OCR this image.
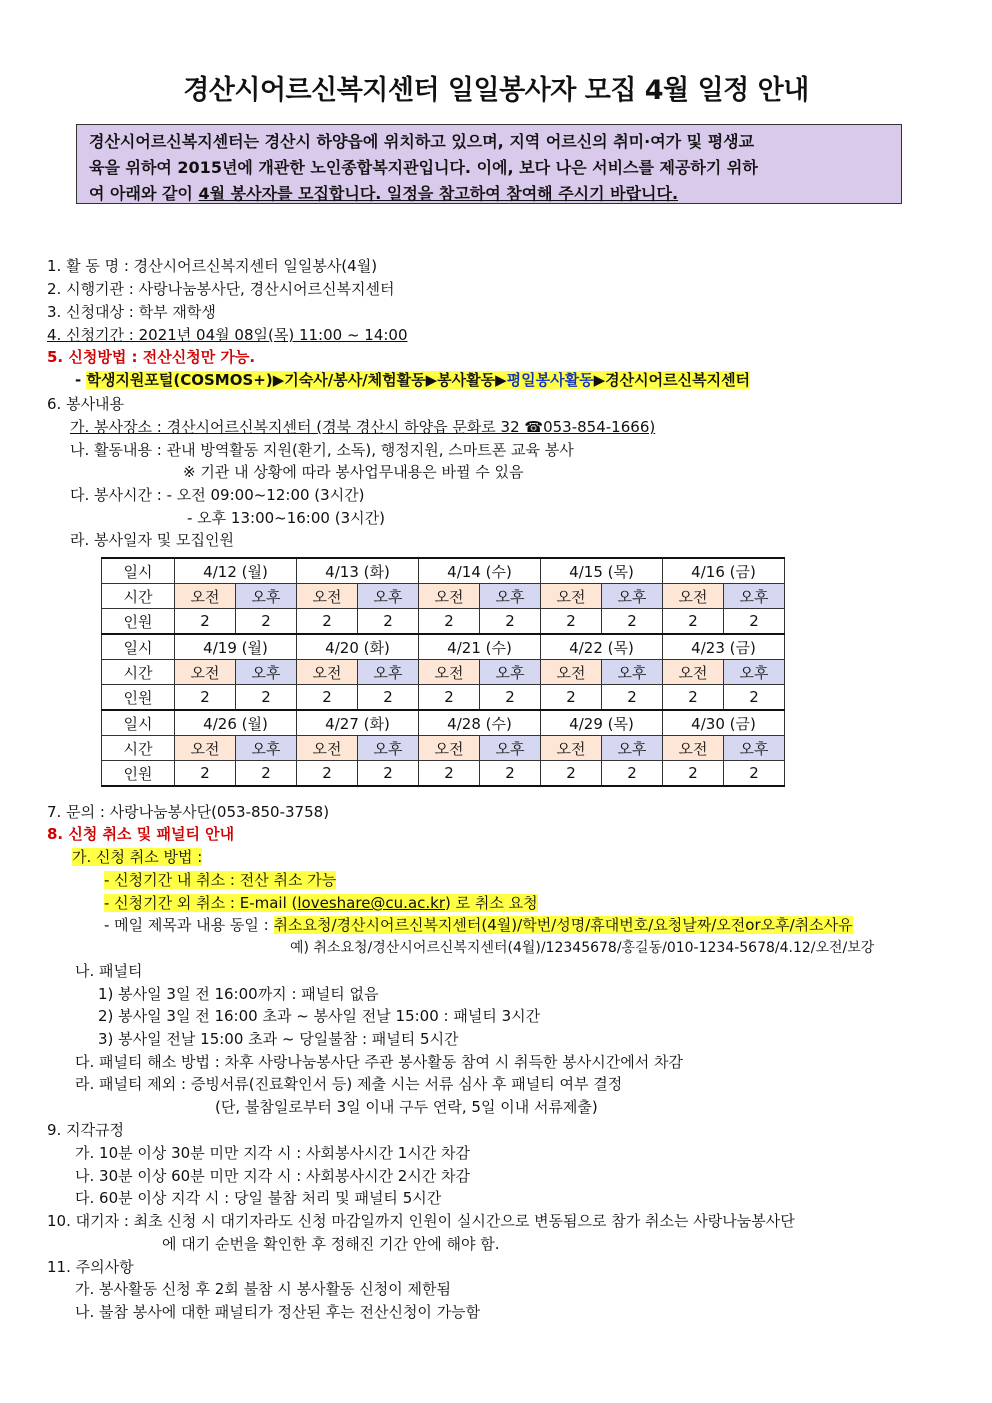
경산시어르신복지센터 일일봉사자 모집 4월 일정 안내
경산시어르신복지센터는 경산시 하양읍에 위치하고 있으며, 지역 어르신의 취미·여가 및 평생교
육을 위하여 2015년에 개관한 노인종합복지관입니다. 이에, 보다 나은 서비스를 제공하기 위하
여 아래와 같이 4월 봉사자를 모집합니다. 일정을 참고하여 참여해 주시기 바랍니다.
1. 활 동 명 : 경산시어르신복지센터 일일봉사(4월)
2. 시행기관 : 사랑나눔봉사단, 경산시어르신복지센터
3. 신청대상 : 학부 재학생
4. 신청기간 : 2021년 04월 08일(목) 11:00 ~ 14:00
5. 신청방법 : 전산신청만 가능.
- 학생지원포털(COSMOS+)▶기숙사/봉사/체험활동▶봉사활동▶평일봉사활동▶경산시어르신복지센터
6. 봉사내용
가. 봉사장소 : 경산시어르신복지센터 (경북 경산시 하양읍 문화로 32 ☎053-854-1666)
나. 활동내용 : 관내 방역활동 지원(환기, 소독), 행정지원, 스마트폰 교육 봉사
※ 기관 내 상황에 따라 봉사업무내용은 바뀔 수 있음
다. 봉사시간 : - 오전 09:00~12:00 (3시간)
- 오후 13:00~16:00 (3시간)
라. 봉사일자 및 모집인원
일시	4/12 (월)		4/13 (화)		4/14 (수)		4/15 (목)		4/16 (금)	
시간	오전	오후	오전	오후	오전	오후	오전	오후	오전	오후
인원	2	2	2	2	2	2	2	2	2	2
일시	4/19 (월)		4/20 (화)		4/21 (수)		4/22 (목)		4/23 (금)	
시간	오전	오후	오전	오후	오전	오후	오전	오후	오전	오후
인원	2	2	2	2	2	2	2	2	2	2
일시	4/26 (월)		4/27 (화)		4/28 (수)		4/29 (목)		4/30 (금)	
시간	오전	오후	오전	오후	오전	오후	오전	오후	오전	오후
인원	2	2	2	2	2	2	2	2	2	2
7. 문의 : 사랑나눔봉사단(053-850-3758)
8. 신청 취소 및 패널티 안내
가. 신청 취소 방법 :
- 신청기간 내 취소 : 전산 취소 가능
- 신청기간 외 취소 : E-mail (loveshare@cu.ac.kr) 로 취소 요청
- 메일 제목과 내용 동일 : 취소요청/경산시어르신복지센터(4월)/학번/성명/휴대번호/요청날짜/오전or오후/취소사유
예) 취소요청/경산시어르신복지센터(4월)/12345678/홍길동/010-1234-5678/4.12/오전/보강
나. 패널티
1) 봉사일 3일 전 16:00까지 : 패널티 없음
2) 봉사일 3일 전 16:00 초과 ~ 봉사일 전날 15:00 : 패널티 3시간
3) 봉사일 전날 15:00 초과 ~ 당일불참 : 패널티 5시간
다. 패널티 해소 방법 : 차후 사랑나눔봉사단 주관 봉사활동 참여 시 취득한 봉사시간에서 차감
라. 패널티 제외 : 증빙서류(진료확인서 등) 제출 시는 서류 심사 후 패널티 여부 결정
(단, 불참일로부터 3일 이내 구두 연락, 5일 이내 서류제출)
9. 지각규정
가. 10분 이상 30분 미만 지각 시 : 사회봉사시간 1시간 차감
나. 30분 이상 60분 미만 지각 시 : 사회봉사시간 2시간 차감
다. 60분 이상 지각 시 : 당일 불참 처리 및 패널티 5시간
10. 대기자 : 최초 신청 시 대기자라도 신청 마감일까지 인원이 실시간으로 변동됨으로 참가 취소는 사랑나눔봉사단
에 대기 순번을 확인한 후 정해진 기간 안에 해야 함.
11. 주의사항
가. 봉사활동 신청 후 2회 불참 시 봉사활동 신청이 제한됨
나. 불참 봉사에 대한 패널티가 정산된 후는 전산신청이 가능함
